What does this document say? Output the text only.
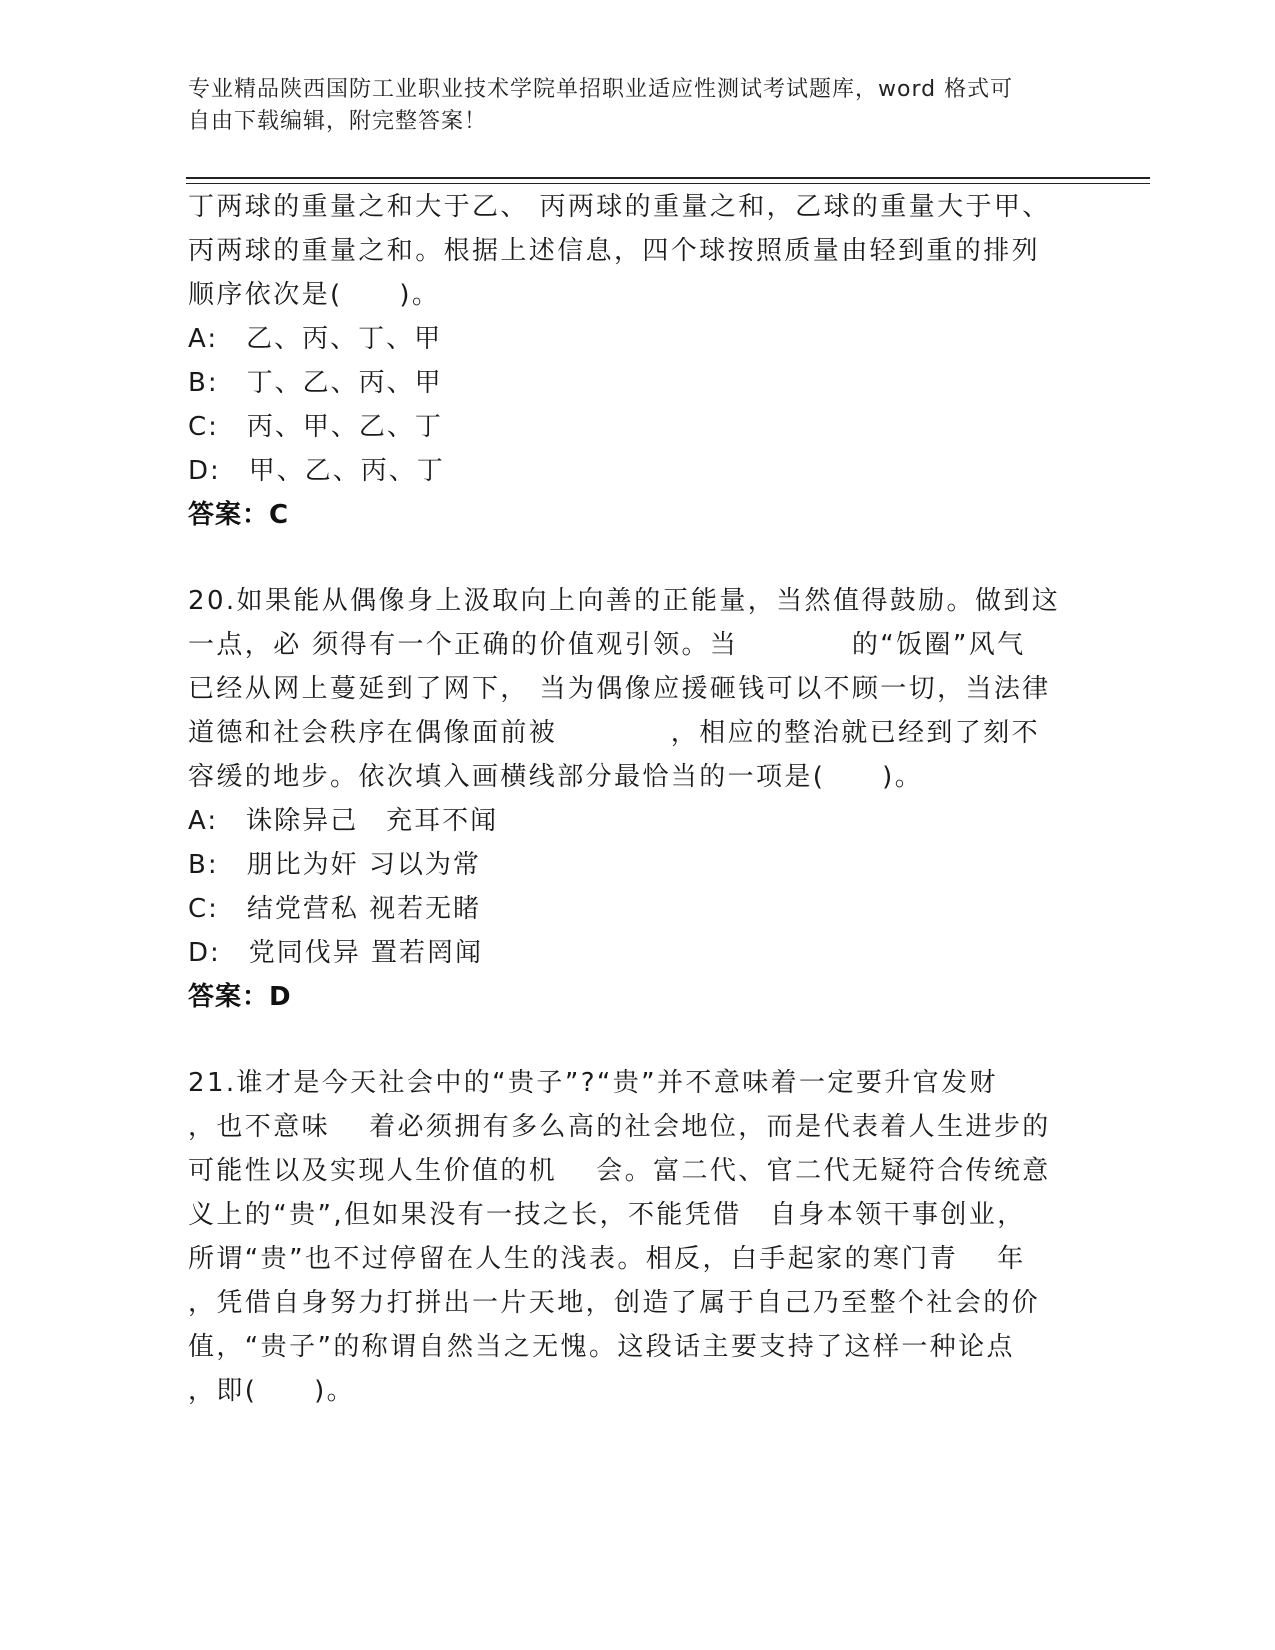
专业精品陕西国防工业职业技术学院单招职业适应性测试考试题库，word 格式可
自由下载编辑，附完整答案！
丁两球的重量之和大于乙、 丙两球的重量之和，乙球的重量大于甲、
丙两球的重量之和。根据上述信息，四个球按照质量由轻到重的排列
顺序依次是(　　)。
A:　乙、丙、丁、甲
B:　丁、乙、丙、甲
C:　丙、甲、乙、丁
D:　甲、乙、丙、丁
答案：C
20.如果能从偶像身上汲取向上向善的正能量，当然值得鼓励。做到这
一点，必 须得有一个正确的价值观引领。当　　　　的“饭圈”风气
已经从网上蔓延到了网下， 当为偶像应援砸钱可以不顾一切，当法律
道德和社会秩序在偶像面前被　　　　，相应的整治就已经到了刻不
容缓的地步。依次填入画横线部分最恰当的一项是(　　)。
A:　诛除异己　充耳不闻
B:　朋比为奸 习以为常
C:　结党营私 视若无睹
D:　党同伐异 置若罔闻
答案：D
21.谁才是今天社会中的“贵子”?“贵”并不意味着一定要升官发财
，也不意味　 着必须拥有多么高的社会地位，而是代表着人生进步的
可能性以及实现人生价值的机　 会。富二代、官二代无疑符合传统意
义上的“贵”,但如果没有一技之长，不能凭借　自身本领干事创业，
所谓“贵”也不过停留在人生的浅表。相反，白手起家的寒门青　 年
，凭借自身努力打拼出一片天地，创造了属于自己乃至整个社会的价
值，“贵子”的称谓自然当之无愧。这段话主要支持了这样一种论点
，即(　　)。
